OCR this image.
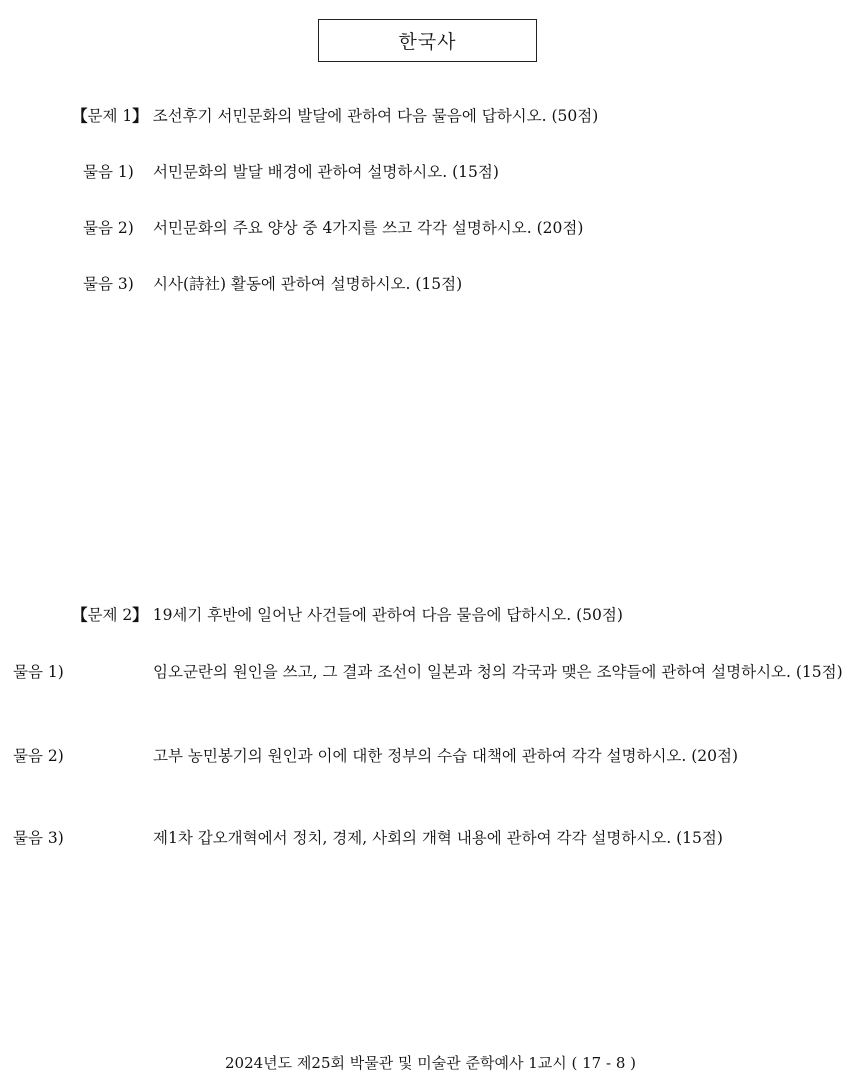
한국사
【문제 1】 조선후기 서민문화의 발달에 관하여 다음 물음에 답하시오. (50점)
물음 1) 서민문화의 발달 배경에 관하여 설명하시오. (15점)
물음 2) 서민문화의 주요 양상 중 4가지를 쓰고 각각 설명하시오. (20점)
물음 3) 시사(詩社) 활동에 관하여 설명하시오. (15점)
【문제 2】 19세기 후반에 일어난 사건들에 관하여 다음 물음에 답하시오. (50점)
물음 1)	임오군란의 원인을 쓰고, 그 결과 조선이 일본과 청의 각국과 맺은 조약들에 관하여 설명하시오. (15점)
물음 2)	고부 농민봉기의 원인과 이에 대한 정부의 수습 대책에 관하여 각각 설명하시오. (20점)
물음 3)	제1차 갑오개혁에서 정치, 경제, 사회의 개혁 내용에 관하여 각각 설명하시오. (15점)
2024년도 제25회 박물관 및 미술관 준학예사 1교시 ( 17 - 8 )
